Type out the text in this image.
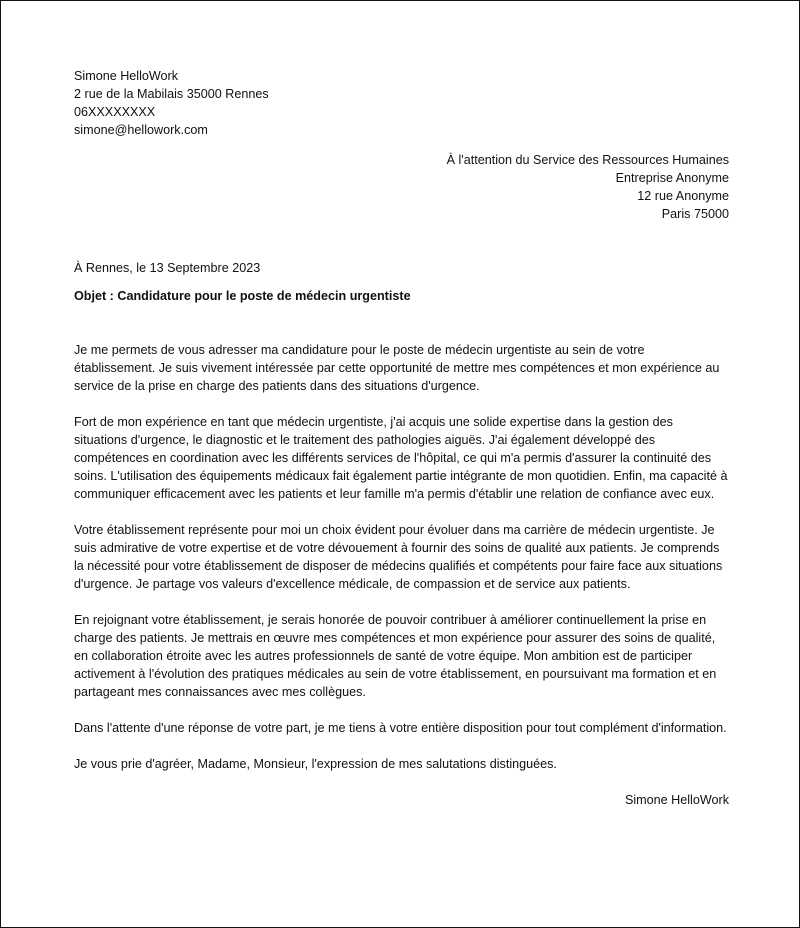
Simone HelloWork

2 rue de la Mabilais 35000 Rennes

06XXXXXXXX

simone@hellowork.com

À l'attention du Service des Ressources Humaines

Entreprise Anonyme

12 rue Anonyme

Paris 75000

À Rennes, le 13 Septembre 2023

Objet : Candidature pour le poste de médecin urgentiste

Je me permets de vous adresser ma candidature pour le poste de médecin urgentiste au sein de votre établissement. Je suis vivement intéressée par cette opportunité de mettre mes compétences et mon expérience au service de la prise en charge des patients dans des situations d'urgence.

Fort de mon expérience en tant que médecin urgentiste, j'ai acquis une solide expertise dans la gestion des situations d'urgence, le diagnostic et le traitement des pathologies aiguës. J'ai également développé des compétences en coordination avec les différents services de l'hôpital, ce qui m'a permis d'assurer la continuité des soins. L'utilisation des équipements médicaux fait également partie intégrante de mon quotidien. Enfin, ma capacité à communiquer efficacement avec les patients et leur famille m'a permis d'établir une relation de confiance avec eux.

Votre établissement représente pour moi un choix évident pour évoluer dans ma carrière de médecin urgentiste. Je suis admirative de votre expertise et de votre dévouement à fournir des soins de qualité aux patients. Je comprends la nécessité pour votre établissement de disposer de médecins qualifiés et compétents pour faire face aux situations d'urgence. Je partage vos valeurs d'excellence médicale, de compassion et de service aux patients.

En rejoignant votre établissement, je serais honorée de pouvoir contribuer à améliorer continuellement la prise en charge des patients. Je mettrais en œuvre mes compétences et mon expérience pour assurer des soins de qualité, en collaboration étroite avec les autres professionnels de santé de votre équipe. Mon ambition est de participer activement à l'évolution des pratiques médicales au sein de votre établissement, en poursuivant ma formation et en partageant mes connaissances avec mes collègues.

Dans l'attente d'une réponse de votre part, je me tiens à votre entière disposition pour tout complément d'information.

Je vous prie d'agréer, Madame, Monsieur, l'expression de mes salutations distinguées.

Simone HelloWork
